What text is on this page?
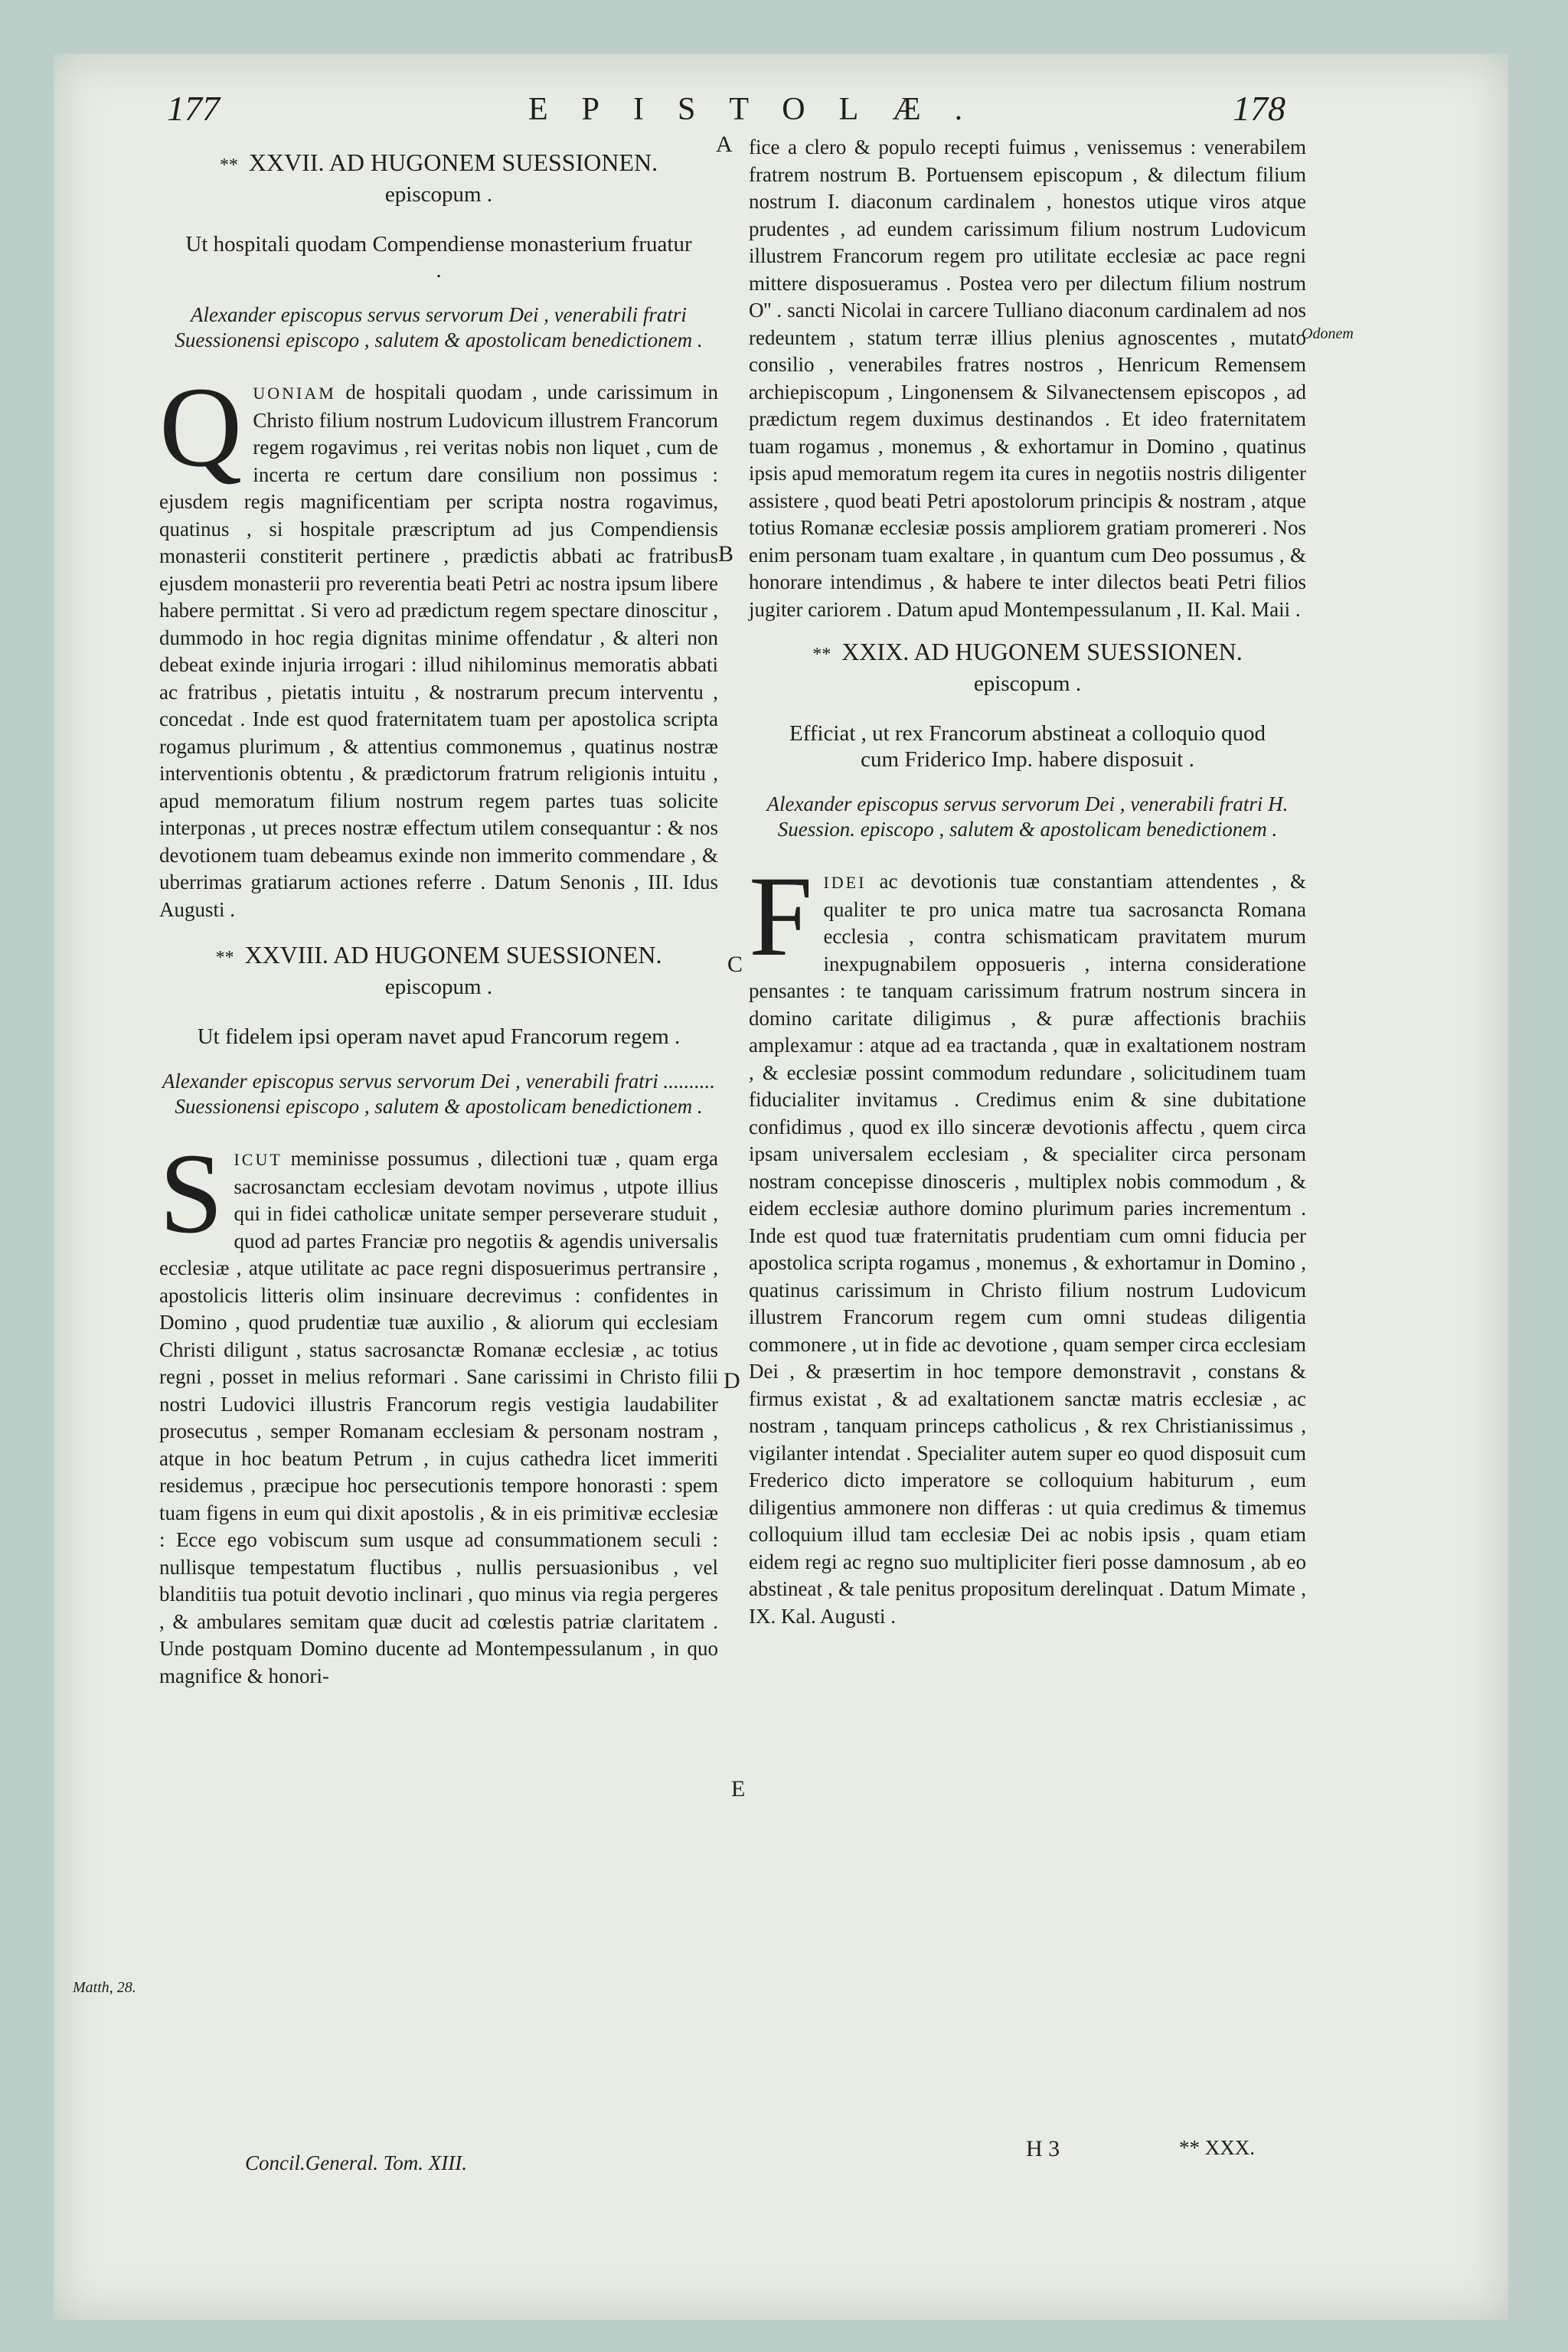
177	EPISTOLÆ.	178
A
B
C
D
E
Odonem
Matth, 28.
** XXVII. AD HUGONEM SUESSIONEN.
episcopum .
Ut hospitali quodam Compendiense monasterium fruatur .
Alexander episcopus servus servorum Dei , venerabili fratri Suessionensi episcopo , salutem & apostolicam benedictionem .

QUONIAM de hospitali quodam , unde carissimum in Christo filium nostrum Ludovicum illustrem Francorum regem rogavimus , rei veritas nobis non liquet , cum de incerta re certum dare consilium non possimus : ejusdem regis magnificentiam per scripta nostra rogavimus, quatinus , si hospitale præscriptum ad jus Compendiensis monasterii constiterit pertinere , prædictis abbati ac fratribus ejusdem monasterii pro reverentia beati Petri ac nostra ipsum libere habere permittat . Si vero ad prædictum regem spectare dinoscitur , dummodo in hoc regia dignitas minime offendatur , & alteri non debeat exinde injuria irrogari : illud nihilominus memoratis abbati ac fratribus , pietatis intuitu , & nostrarum precum interventu , concedat . Inde est quod fraternitatem tuam per apostolica scripta rogamus plurimum , & attentius commonemus , quatinus nostræ interventionis obtentu , & prædictorum fratrum religionis intuitu , apud memoratum filium nostrum regem partes tuas solicite interponas , ut preces nostræ effectum utilem consequantur : & nos devotionem tuam debeamus exinde non immerito commendare , & uberrimas gratiarum actiones referre . Datum Senonis , III. Idus Augusti .

** XXVIII. AD HUGONEM SUESSIONEN.
episcopum .
Ut fidelem ipsi operam navet apud Francorum regem .
Alexander episcopus servus servorum Dei , venerabili fratri .......... Suessionensi episcopo , salutem & apostolicam benedictionem .

SICUT meminisse possumus , dilectioni tuæ , quam erga sacrosanctam ecclesiam devotam novimus , utpote illius qui in fidei catholicæ unitate semper perseverare studuit , quod ad partes Franciæ pro negotiis & agendis universalis ecclesiæ , atque utilitate ac pace regni disposuerimus pertransire , apostolicis litteris olim insinuare decrevimus : confidentes in Domino , quod prudentiæ tuæ auxilio , & aliorum qui ecclesiam Christi diligunt , status sacrosanctæ Romanæ ecclesiæ , ac totius regni , posset in melius reformari . Sane carissimi in Christo filii nostri Ludovici illustris Francorum regis vestigia laudabiliter prosecutus , semper Romanam ecclesiam & personam nostram , atque in hoc beatum Petrum , in cujus cathedra licet immeriti residemus , præcipue hoc persecutionis tempore honorasti : spem tuam figens in eum qui dixit apostolis , & in eis primitivæ ecclesiæ : Ecce ego vobiscum sum usque ad consummationem seculi : nullisque tempestatum fluctibus , nullis persuasionibus , vel blanditiis tua potuit devotio inclinari , quo minus via regia pergeres , & ambulares semitam quæ ducit ad cœlestis patriæ claritatem . Unde postquam Domino ducente ad Montempessulanum , in quo magnifice & honori-

fice a clero & populo recepti fuimus , venissemus : venerabilem fratrem nostrum B. Portuensem episcopum , & dilectum filium nostrum I. diaconum cardinalem , honestos utique viros atque prudentes , ad eundem carissimum filium nostrum Ludovicum illustrem Francorum regem pro utilitate ecclesiæ ac pace regni mittere disposueramus . Postea vero per dilectum filium nostrum O'' . sancti Nicolai in carcere Tulliano diaconum cardinalem ad nos redeuntem , statum terræ illius plenius agnoscentes , mutato consilio , venerabiles fratres nostros , Henricum Remensem archiepiscopum , Lingonensem & Silvanectensem episcopos , ad prædictum regem duximus destinandos . Et ideo fraternitatem tuam rogamus , monemus , & exhortamur in Domino , quatinus ipsis apud memoratum regem ita cures in negotiis nostris diligenter assistere , quod beati Petri apostolorum principis & nostram , atque totius Romanæ ecclesiæ possis ampliorem gratiam promereri . Nos enim personam tuam exaltare , in quantum cum Deo possumus , & honorare intendimus , & habere te inter dilectos beati Petri filios jugiter cariorem . Datum apud Montempessulanum , II. Kal. Maii .

** XXIX. AD HUGONEM SUESSIONEN.
episcopum .
Efficiat , ut rex Francorum abstineat a colloquio quod cum Friderico Imp. habere disposuit .
Alexander episcopus servus servorum Dei , venerabili fratri H. Suession. episcopo , salutem & apostolicam benedictionem .

FIDEI ac devotionis tuæ constantiam attendentes , & qualiter te pro unica matre tua sacrosancta Romana ecclesia , contra schismaticam pravitatem murum inexpugnabilem opposueris , interna consideratione pensantes : te tanquam carissimum fratrum nostrum sincera in domino caritate diligimus , & puræ affectionis brachiis amplexamur : atque ad ea tractanda , quæ in exaltationem nostram , & ecclesiæ possint commodum redundare , solicitudinem tuam fiducialiter invitamus . Credimus enim & sine dubitatione confidimus , quod ex illo sinceræ devotionis affectu , quem circa ipsam universalem ecclesiam , & specialiter circa personam nostram concepisse dinosceris , multiplex nobis commodum , & eidem ecclesiæ authore domino plurimum paries incrementum . Inde est quod tuæ fraternitatis prudentiam cum omni fiducia per apostolica scripta rogamus , monemus , & exhortamur in Domino , quatinus carissimum in Christo filium nostrum Ludovicum illustrem Francorum regem cum omni studeas diligentia commonere , ut in fide ac devotione , quam semper circa ecclesiam Dei , & præsertim in hoc tempore demonstravit , constans & firmus existat , & ad exaltationem sanctæ matris ecclesiæ , ac nostram , tanquam princeps catholicus , & rex Christianissimus , vigilanter intendat . Specialiter autem super eo quod disposuit cum Frederico dicto imperatore se colloquium habiturum , eum diligentius ammonere non differas : ut quia credimus & timemus colloquium illud tam ecclesiæ Dei ac nobis ipsis , quam etiam eidem regi ac regno suo multipliciter fieri posse damnosum , ab eo abstineat , & tale penitus propositum derelinquat . Datum Mimate , IX. Kal. Augusti .

Concil.General. Tom. XIII.
H 3	** XXX.
